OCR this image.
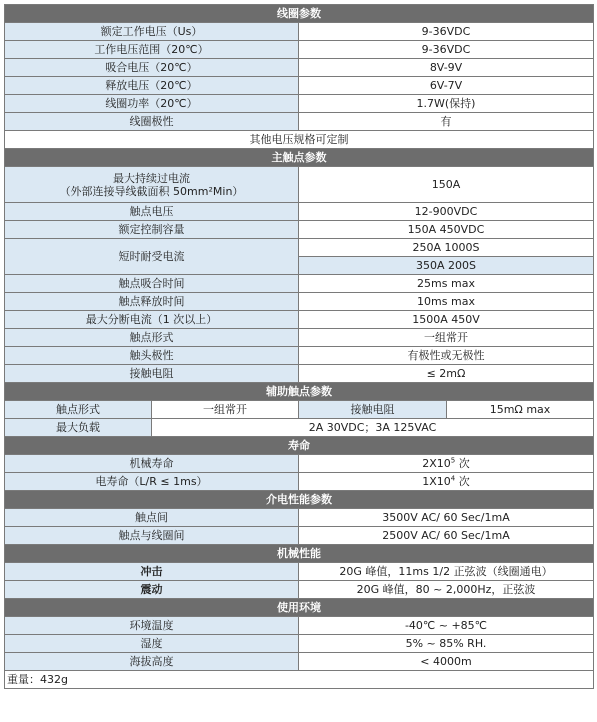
线圈参数			
额定工作电压（Us）		9-36VDC	
工作电压范围（20℃）		9-36VDC	
吸合电压（20℃）		8V-9V	
释放电压（20℃）		6V-7V	
线圈功率（20℃）		1.7W(保持)	
线圈极性		有	
其他电压规格可定制			
主触点参数			

最大持续过电流
（外部连接导线截面积 50mm²Min）		150A	
触点电压		12-900VDC	
额定控制容量		150A 450VDC	
短时耐受电流		250A 1000S	
		350A 200S	
触点吸合时间		25ms max	
触点释放时间		10ms max	
最大分断电流（1 次以上）		1500A 450V	
触点形式		一组常开	
触头极性		有极性或无极性	
接触电阻		≤ 2mΩ	
辅助触点参数			
触点形式	一组常开	接触电阻	15mΩ max
最大负载	2A 30VDC；3A 125VAC		
寿命			
机械寿命		$2X10^5$ 次	
电寿命（L/R ≤ 1ms）		$1X10^4$ 次	
介电性能参数			
触点间		3500V AC/ 60 Sec/1mA	
触点与线圈间		2500V AC/ 60 Sec/1mA	
机械性能			
冲击		20G 峰值，11ms 1/2 正弦波（线圈通电）	
震动		20G 峰值，80 ~ 2,000Hz，正弦波	
使用环境			
环境温度		-40℃ ~ +85℃	
湿度		5% ~ 85% RH.	
海拔高度		< 4000m	
重量：432g			
